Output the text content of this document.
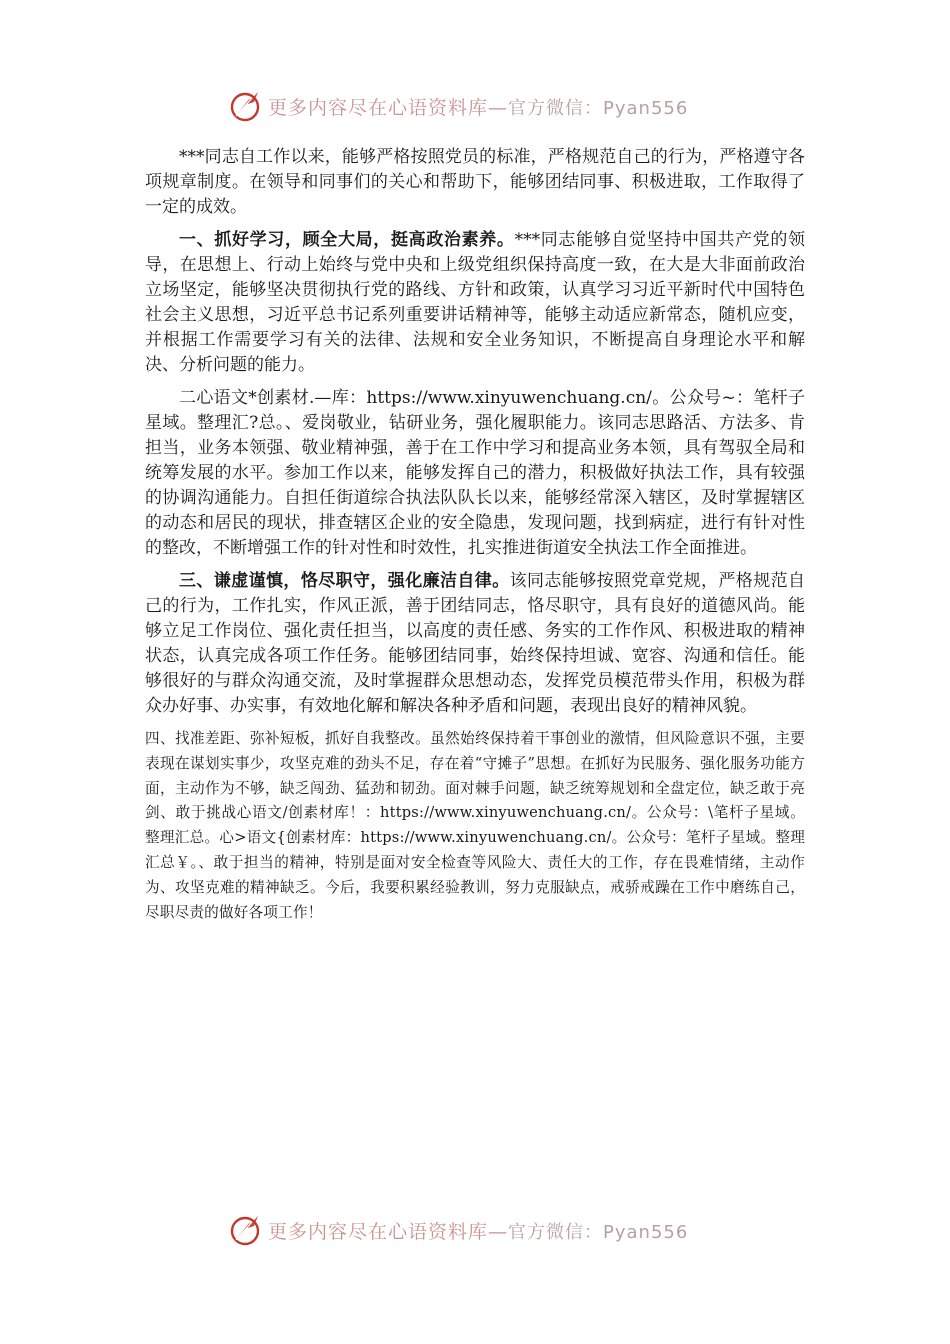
更多内容尽在心语资料库—官方微信：Pyan556

***同志自工作以来，能够严格按照党员的标准，严格规范自己的行为，严格遵守各项规章制度。在领导和同事们的关心和帮助下，能够团结同事、积极进取，工作取得了一定的成效。

一、抓好学习，顾全大局，挺高政治素养。***同志能够自觉坚持中国共产党的领导，在思想上、行动上始终与党中央和上级党组织保持高度一致，在大是大非面前政治立场坚定，能够坚决贯彻执行党的路线、方针和政策，认真学习习近平新时代中国特色社会主义思想，习近平总书记系列重要讲话精神等，能够主动适应新常态，随机应变，并根据工作需要学习有关的法律、法规和安全业务知识，不断提高自身理论水平和解决、分析问题的能力。

二心语文*创素材.—库：https://www.xinyuwenchuang.cn/。公众号~：笔杆子星域。整理汇?总。、爱岗敬业，钻研业务，强化履职能力。该同志思路活、方法多、肯担当，业务本领强、敬业精神强，善于在工作中学习和提高业务本领，具有驾驭全局和统筹发展的水平。参加工作以来，能够发挥自己的潜力，积极做好执法工作，具有较强的协调沟通能力。自担任街道综合执法队队长以来，能够经常深入辖区，及时掌握辖区的动态和居民的现状，排查辖区企业的安全隐患，发现问题，找到病症，进行有针对性的整改，不断增强工作的针对性和时效性，扎实推进街道安全执法工作全面推进。

三、谦虚谨慎，恪尽职守，强化廉洁自律。该同志能够按照党章党规，严格规范自己的行为，工作扎实，作风正派，善于团结同志，恪尽职守，具有良好的道德风尚。能够立足工作岗位、强化责任担当，以高度的责任感、务实的工作作风、积极进取的精神状态，认真完成各项工作任务。能够团结同事，始终保持坦诚、宽容、沟通和信任。能够很好的与群众沟通交流，及时掌握群众思想动态，发挥党员模范带头作用，积极为群众办好事、办实事，有效地化解和解决各种矛盾和问题，表现出良好的精神风貌。

四、找准差距、弥补短板，抓好自我整改。虽然始终保持着干事创业的激情，但风险意识不强，主要表现在谋划实事少，攻坚克难的劲头不足，存在着“守摊子”思想。在抓好为民服务、强化服务功能方面，主动作为不够，缺乏闯劲、猛劲和韧劲。面对棘手问题，缺乏统筹规划和全盘定位，缺乏敢于亮剑、敢于挑战心语文/创素材库！：https://www.xinyuwenchuang.cn/。公众号：\笔杆子星域。整理汇总。心>语文{创素材库：https://www.xinyuwenchuang.cn/。公众号：笔杆子星域。整理汇总￥。、敢于担当的精神，特别是面对安全检查等风险大、责任大的工作，存在畏难情绪，主动作为、攻坚克难的精神缺乏。今后，我要积累经验教训，努力克服缺点，戒骄戒躁在工作中磨练自己，尽职尽责的做好各项工作！

更多内容尽在心语资料库—官方微信：Pyan556
